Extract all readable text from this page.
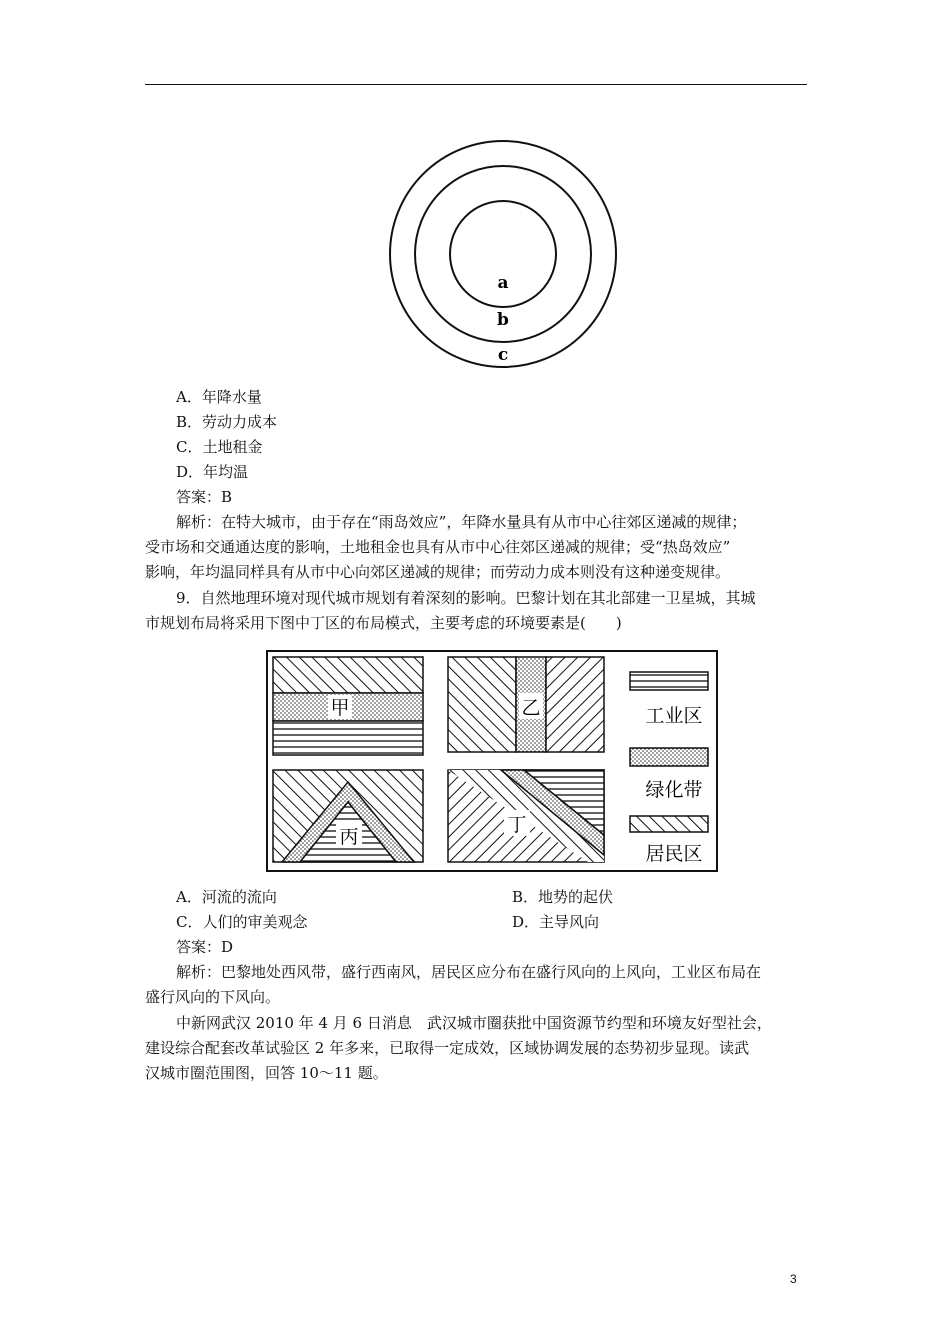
a
b
c
A．年降水量
B．劳动力成本
C．土地租金
D．年均温
答案：B
解析：在特大城市，由于存在“雨岛效应”，年降水量具有从市中心往郊区递减的规律；
受市场和交通通达度的影响，土地租金也具有从市中心往郊区递减的规律；受“热岛效应”
影响，年均温同样具有从市中心向郊区递减的规律；而劳动力成本则没有这种递变规律。
9．自然地理环境对现代城市规划有着深刻的影响。巴黎计划在其北部建一卫星城，其城
市规划布局将采用下图中丁区的布局模式，主要考虑的环境要素是(　　)
甲	乙
丙
丁
工业区
绿化带
居民区
A．河流的流向	B．地势的起伏
C．人们的审美观念	D．主导风向
答案：D
解析：巴黎地处西风带，盛行西南风，居民区应分布在盛行风向的上风向，工业区布局在
盛行风向的下风向。
中新网武汉 2010 年 4 月 6 日消息　武汉城市圈获批中国资源节约型和环境友好型社会，
建设综合配套改革试验区 2 年多来，已取得一定成效，区域协调发展的态势初步显现。读武
汉城市圈范围图，回答 10～11 题。
3
